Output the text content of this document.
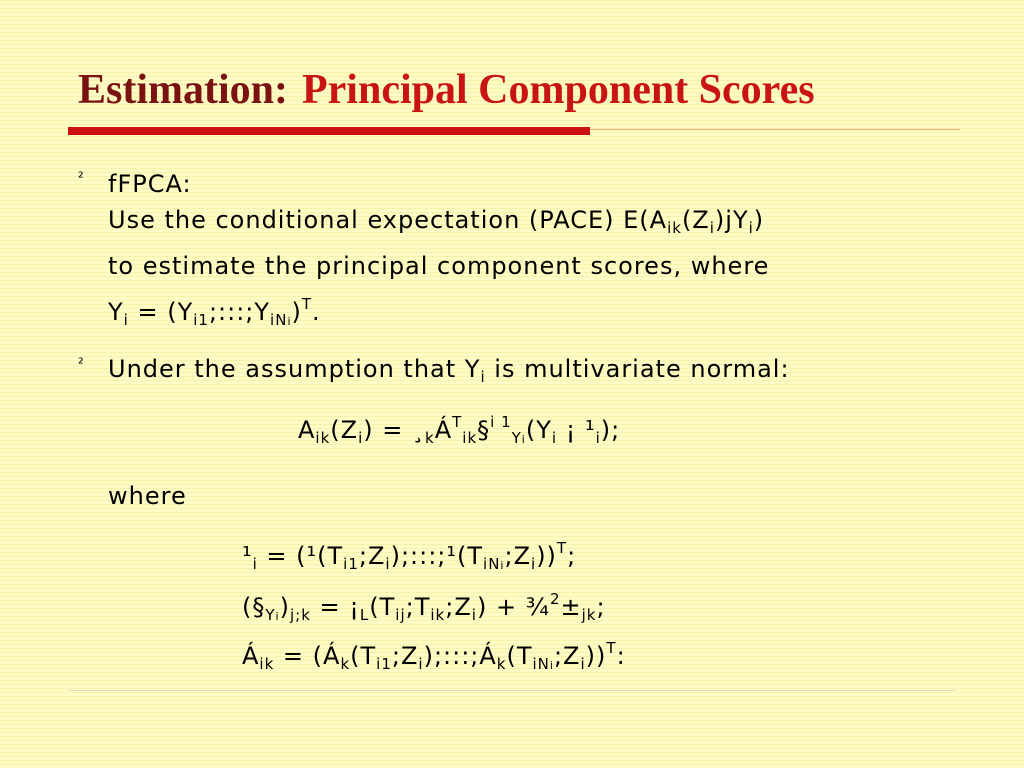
Estimation: Principal Component Scores
² fFPCA:
Use the conditional expectation (PACE) $E(A_{ik}(Z_i)jY_i)$
to estimate the principal component scores, where
$Y_i$ = $(Y_{i1};:::;Y_{iNi})^T$.
² Under the assumption that $Y_i$ is multivariate normal:
$A_{ik}(Z_i)$ = $¸_kÁ^T_{ik}\S^{i 1}_{Yi}(Y_i$ ¡ $^1_i$);
where
$^1_i$ = $(^1(T_{i1};Z_i);:::;^1(T_{iNi};Z_i))^T$;
$(\S_{Yi})_{j;k}$ = ¡$_L(T_{ij};T_{ik};Z_i)$ + $\frac{3}{4}^2\pm_{jk}$;
$Á_{ik}$ = $(Á_k(T_{i1};Z_i);:::;Á_k(T_{iNi};Z_i))^T$:
